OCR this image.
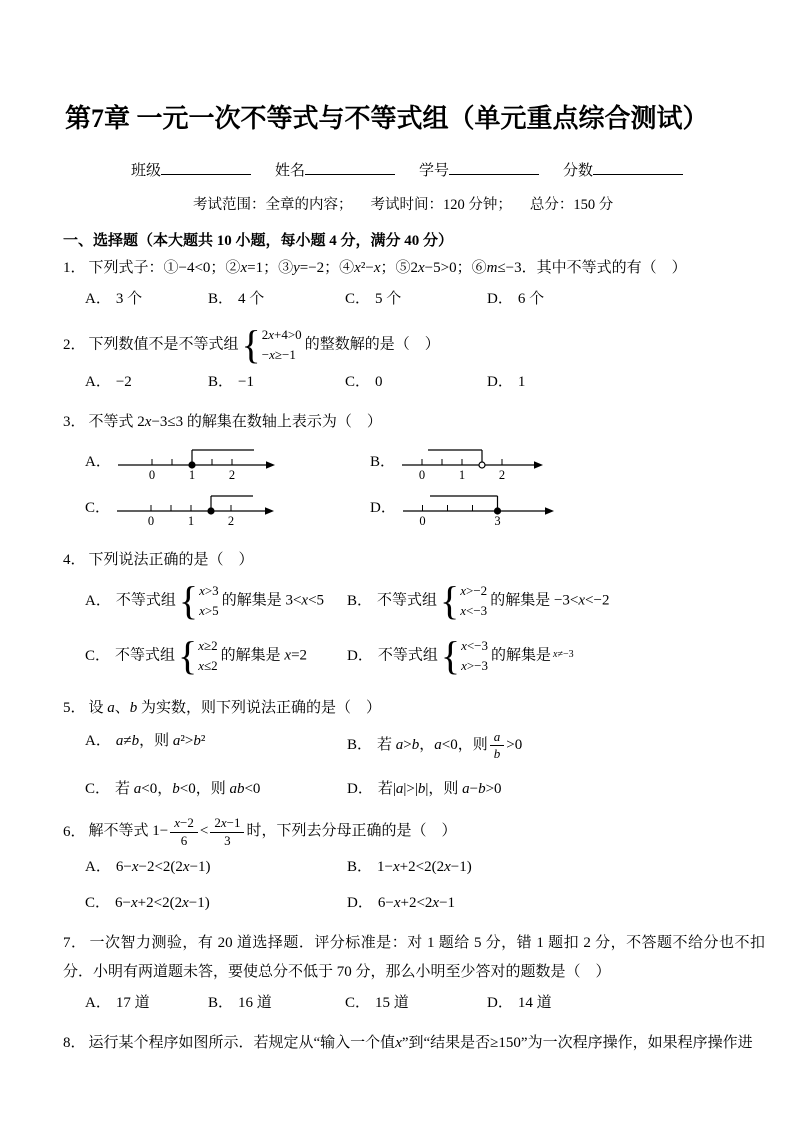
第7章 一元一次不等式与不等式组（单元重点综合测试）
班级	姓名	学号	分数
考试范围：全章的内容； 考试时间：120 分钟； 总分：150 分
一、选择题（本大题共 10 小题，每小题 4 分，满分 40 分）
1． 下列式子：①−4<0；②x=1；③y=−2；④x²−x；⑤2x−5>0；⑥m≤−3．其中不等式的有（　）
A． 3 个	B． 4 个	C． 5 个	D． 6 个
2． 下列数值不是不等式组 { 2x+4>0
−x≥−1
的整数解的是（　）
A． −2	B． −1	C． 0	D． 1
3． 不等式 2x−3≤3 的解集在数轴上表示为（　）
A．
0	1	2
B．
0	1	2
C．
0	1	2
D．
0	3
4． 下列说法正确的是（　）
A． 不等式组 { x>3
x>5
的解集是 3<x<5	B． 不等式组 { x>−2
x<−3
的解集是 −3<x<−2
C． 不等式组 { x≥2
x≤2
的解集是 x=2	D． 不等式组 { x<−3
x>−3
的解集是 $^{x\ne-3}$
5． 设 a、b 为实数，则下列说法正确的是（　）
A． a≠b，则 a²>b²	B． 若 a>b，a<0，则 $\frac{a}{b} >0$
C． 若 a<0，b<0，则 ab<0	D． 若|a|>|b|，则 a−b>0
6． 解不等式 $1- \frac{x-2}{6} < \frac{2x-1}{3}$ 时，下列去分母正确的是（　）
A． 6−x−2<2(2x−1)	B． 1−x+2<2(2x−1)
C． 6−x+2<2(2x−1)	D． 6−x+2<2x−1
7． 一次智力测验，有 20 道选择题．评分标准是：对 1 题给 5 分，错 1 题扣 2 分，不答题不给分也不扣分．小明有两道题未答，要使总分不低于 70 分，那么小明至少答对的题数是（　）
A． 17 道	B． 16 道	C． 15 道	D． 14 道
8． 运行某个程序如图所示．若规定从“输入一个值x”到“结果是否≥150”为一次程序操作，如果程序操作进
